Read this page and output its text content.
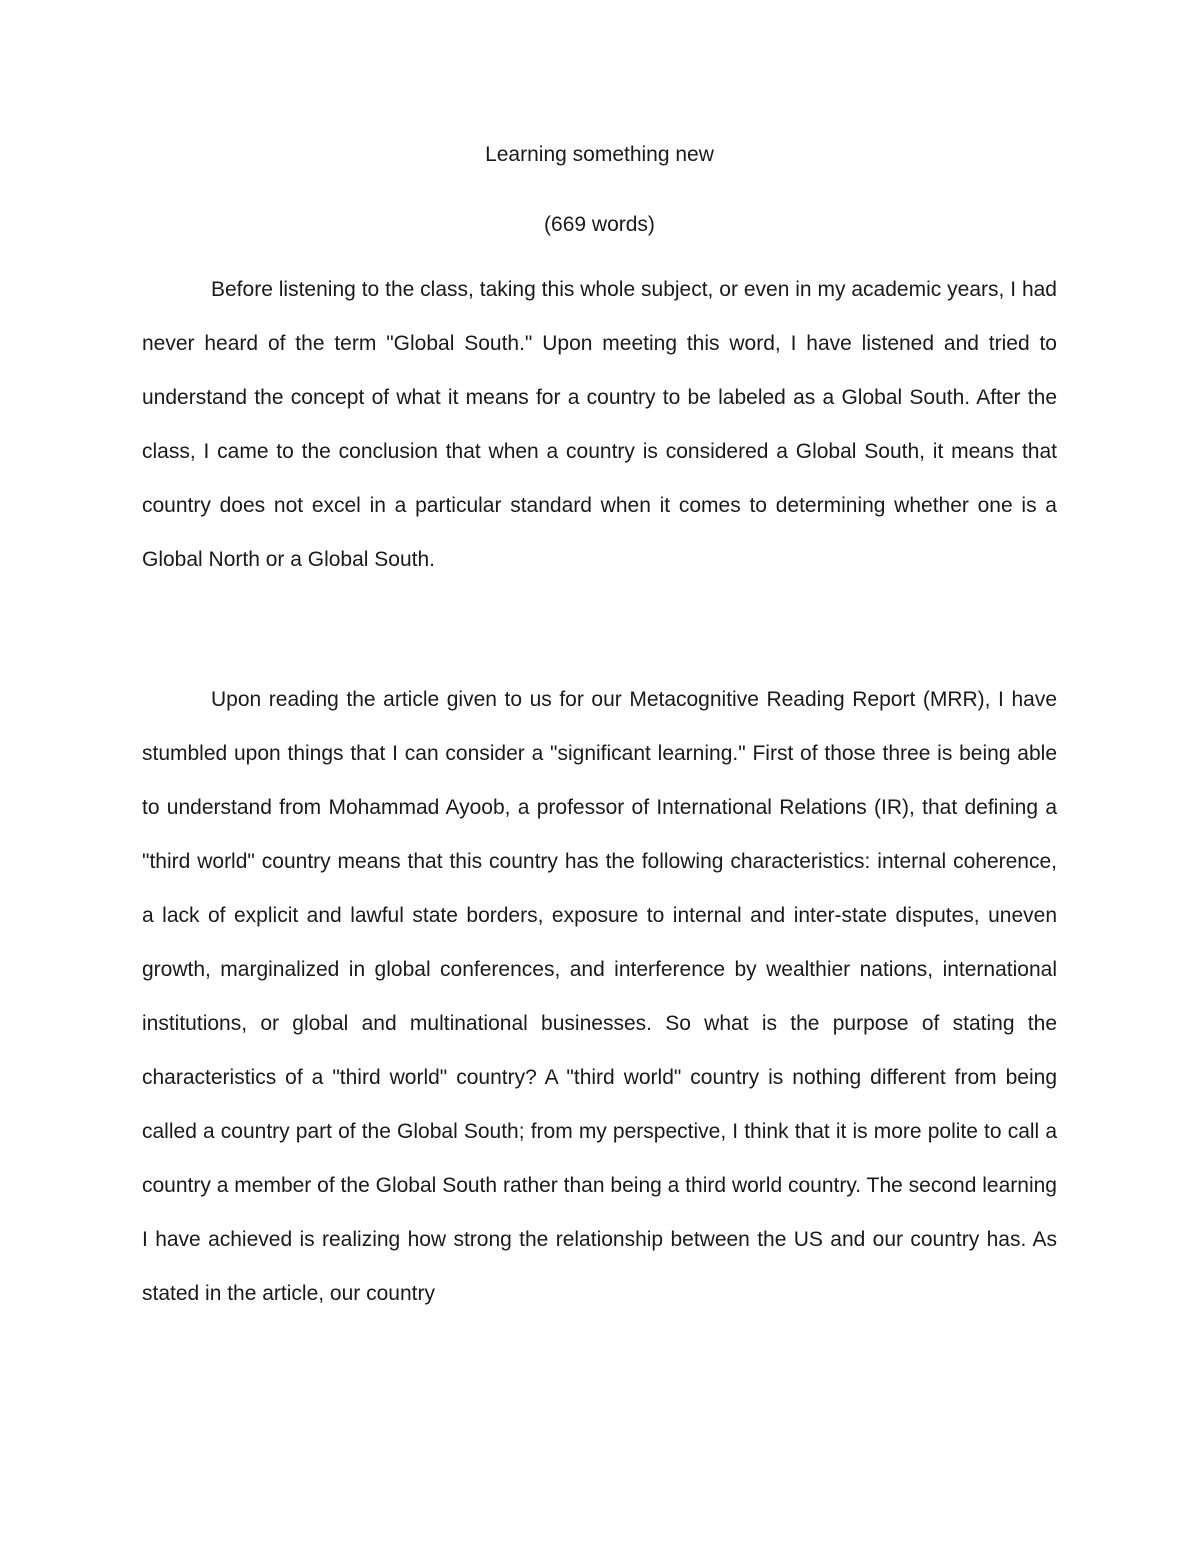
Learning something new

(669 words)

Before listening to the class, taking this whole subject, or even in my academic years, I had never heard of the term "Global South." Upon meeting this word, I have listened and tried to understand the concept of what it means for a country to be labeled as a Global South. After the class, I came to the conclusion that when a country is considered a Global South, it means that country does not excel in a particular standard when it comes to determining whether one is a Global North or a Global South.

Upon reading the article given to us for our Metacognitive Reading Report (MRR), I have stumbled upon things that I can consider a "significant learning." First of those three is being able to understand from Mohammad Ayoob, a professor of International Relations (IR), that defining a "third world" country means that this country has the following characteristics: internal coherence, a lack of explicit and lawful state borders, exposure to internal and inter-state disputes, uneven growth, marginalized in global conferences, and interference by wealthier nations, international institutions, or global and multinational businesses. So what is the purpose of stating the characteristics of a "third world" country? A "third world" country is nothing different from being called a country part of the Global South; from my perspective, I think that it is more polite to call a country a member of the Global South rather than being a third world country. The second learning I have achieved is realizing how strong the relationship between the US and our country has. As stated in the article, our country
